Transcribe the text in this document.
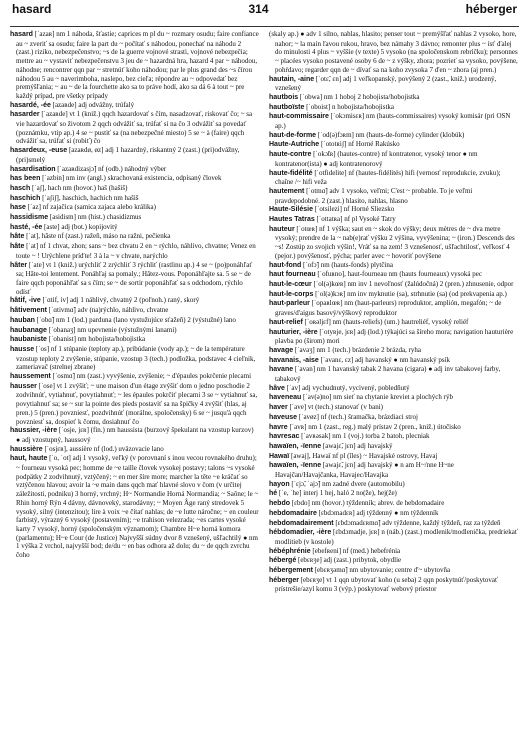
hasard	314	héberger

hasard [ˈazaʀ] nm 1 náhoda, šťastie; caprices m pl du ~ rozmary osudu; faire confiance au ~ zveriť sa osudu; faire la part du ~ počítať s náhodou, ponechať na náhodu 2 (zast.) riziko, nebezpečenstvo; ~s de la guerre vojnové strasti, vojnové nebezpečia; mettre au ~ vystaviť nebezpečenstvu 3 jeu de ~ hazardná hra, hazard 4 par ~ náhodou, náhodne; rencontrer qqn par ~ stretnúť koho náhodou; par le plus grand des ~s čírou náhodou 5 au ~ naverimboha, naslepo, bez cieľa; répondre au ~ odpovedať bez premýšľania; ~ au ~ de la fourchette ako sa to práve hodí, ako sa dá 6 à tout ~ pre každý prípad, pre všetky prípady

hasardé, -ée [azaʀde] adj odvážny, trúfalý

hasarder [ˈazaʀde] vt 1 (kniž.) qqch hazardovať s čím, nasadzovať, riskovať čo; ~ sa vie hazardovať so životom 2 qqch odvážiť sa, trúfať si na čo 3 odvážiť sa povedať (poznámku, vtip ap.) 4 se ~ pustiť sa (na nebezpečné miesto) 5 se ~ à (faire) qqch odvážiť sa, trúfať si (robiť) čo

hasardeux, -euse [azaʀdø, øz] adj 1 hazardný, riskantný 2 (zast.) (pri)odvážny, (pri)smelý

hasardisation [ˈazaʀdizasjɔ̃] nf (odb.) náhodný výber

has been [ˈazbin] nm inv (angl.) skrachovaná existencia, odpísaný človek

hasch [ˈaʃ], hach nm (hovor.) haš (hašiš)

haschich [ˈaʃiʃ], haschich, hachich nm hašiš

hase [ˈaz] nf zajačica (samica zajaca alebo králika)

hassidisme [asidism] nm (hist.) chasidizmus

hasté, -ée [aste] adj (bot.) kopijovitý

hâte [ˈat], hâste nf (zast.) ražeň, máso na ražni, pečienka

hâte [ˈat] nf 1 chvat, zhon; sans ~ bez chvatu 2 en ~ rýchlo, náhlivo, chvatne; Venez en toute ~ ! Urýchlene príďte! 3 à la ~ v chvate, narýchlo

hâter [ˈate] vt 1 (kniž.) urýchliť 2 zrýchliť 3 rýchliť (rastlinu ap.) 4 se ~ (po)ponáhľať sa; Hâte-toi lentement. Ponáhľaj sa pomaly.; Hâtez-vous. Poponáhľajte sa. 5 se ~ de faire qqch poponáhľať sa s čím; se ~ de sortir poponáhľať sa s odchodom, rýchlo odísť

hâtif, -ive [ˈɑtif, iv] adj 1 náhlivý, chvatný 2 (poľnoh.) raný, skorý

hâtivement [ˈɑtivmɑ̃] adv (na)rýchlo, náhlivo, chvatne

hauban [ˈobɑ̃] nm 1 (lod.) parduna (lano vystužujúce sťažeň) 2 (výstužné) lano

haubanage [ˈobanaʒ] nm upevnenie (výstužnými lanami)

haubaniste [ˈobanist] nm hobojista/hobojistka

hausse [ˈos] nf 1 stúpanie (teploty ap.), pribúdanie (vody ap.); ~ de la température vzostup teploty 2 zvýšenie, stúpanie, vzostup 3 (tech.) podložka, podstavec 4 cieľnik, zameriavač (strelnej zbrane)

haussement [ˈosmɑ̃] nm (zast.) vyvýšenie, zvýšenie; ~ d'épaules pokrčenie plecami

hausser [ˈose] vt 1 zvýšiť; ~ une maison d'un étage zvýšiť dom o jedno poschodie 2 zodvihnúť, vytiahnuť, povytiahnuť; ~ les épaules pokrčiť plecami 3 se ~ vytiahnuť sa, povytiahnuť sa; se ~ sur la pointe des pieds postaviť sa na špičky 4 zvýšiť (hlas, aj pren.) 5 (pren.) povzniesť, pozdvihnúť (morálne, spoločensky) 6 se ~ jusqu'à qqch povzniesť sa, dospieť k čomu, dosiahnuť čo

haussier, -ière [ˈosje, jɛʀ] (fin.) nm haussista (burzový špekulant na vzostup kurzov) ● adj vzostupný, haussový

haussière [ˈosjɛʀ], aussière nf (lod.) uväzovacie lano

haut, haute [ˈo, ˈot] adj 1 vysoký, veľký (v porovnaní s inou vecou rovnakého druhu); ~ fourneau vysoká pec; homme de ~e taille človek vysokej postavy; talons ~s vysoké podpätky 2 zodvihnutý, vztýčený; ~ en mer šíre more; marcher la tête ~e kráčať so vztýčenou hlavou; avoir la ~e main dans qqch mať hlavné slovo v čom (v určitej záležitosti, podniku) 3 horný, vrchný; H~ Normandie Horná Normandia; ~ Saône; le ~ Rhin horný Rýn 4 dávny, dávnoveký, starodávny; ~ Moyen Âge raný stredovek 5 vysoký, silný (intenzitou); lire à voix ~e čítať nahlas; de ~e lutte náročne; ~ en couleur farbistý, výrazný 6 vysoký (postavením); ~e trahison velezrada; ~es cartes vysoké karty 7 vysoký, horný (spoločenským významom); Chambre H~e horná komora (parlamentu); H~e Cour (de Justice) Najvyšší súdny dvor 8 vznešený, ušľachtilý ● nm 1 výška 2 vrchol, najvyšší bod; de/du ~ en bas odhora až dolu; du ~ de qqch zvrchu čoho

(skaly ap.) ● adv 1 silno, nahlas, hlasito; penser tout ~ premýšľať nahlas 2 vysoko, hore, nahor; ~ la main ľavou rukou, hravo, bez námahy 3 dávno; remonter plus ~ ísť ďalej do minulosti 4 plus ~ vyššie (v texte) 5 vysoko (na spoločenskom rebríčku); personnes ~ placées vysoko postavené osoby 6 de ~ z výšky, zhora; pozrieť sa vysoko, povýšene, pohŕdavo; regarder qqn de ~ dívať sa na koho zvysoka 7 d'en ~ zhora (aj pren.)

hautain, -aine [ˈotɛ̃, ɛn] adj 1 veľkopanský, povýšený 2 (zast., kniž.) urodzený, vznešený

hautbois [ˈobwa] nm 1 hoboj 2 hobojista/hobojistka

hautboïste [ˈoboist] n hobojista/hobojistka

haut-commissaire [ˈokɔmisɛʀ] nm (hauts-commissaires) vysoký komisár (pri OSN ap.)

haut-de-forme [ˈod(ə)fɔʀm] nm (hauts-de-forme) cylinder (klobúk)

Haute-Autriche [ˈototʀiʃ] nf Horné Rakúsko

haute-contre [ˈokɔ̃tʀ] (hautes-contre) nf kontratenor, vysoký tenor ● nm kontratenor(ista) ● adj kontratenorový

haute-fidélité [ˈotfidelite] nf (hautes-fidélités) hifi (vernosť reprodukcie, zvuku); chaîne /~ hifi veža

hautement [ˈotmɑ̃] adv 1 vysoko, veľmi; C'est ~ probable. To je veľmi pravdepodobné. 2 (zast.) hlasito, nahlas, hlasno

Haute-Silésie [ˈotsilezi] nf Horné Sliezsko

Hautes Tatras [ˈottatʀa] nf pl Vysoké Tatry

hauteur [ˈotœʀ] nf 1 výška; saut en ~ skok do výšky; deux mètres de ~ dva metre vysoký; prendre de la ~ nab(e)rať výšku 2 výšina, vyvýšenina; ~ (iron.) Descends des ~s! Zostúp zo svojich výšin!, Vráť sa na zem! 3 vznešenosť, ušľachtilosť, veľkosť 4 (pejor.) povýšenosť, pýcha; parler avec ~ hovoriť povýšene

haut-fond [ˈofɔ̃] nm (hauts-fonds) plytčina

haut fourneau [ˈofuʀno], haut-fourneau nm (hauts fourneaux) vysoká pec

haut-le-cœur [ˈol(ə)kœʀ] nm inv 1 nevoľnosť (žalúdočná) 2 (pren.) zhnusenie, odpor

haut-le-corps [ˈol(ə)kɔʀ] nm inv myknutie (sa), strhnutie (sa) (od prekvapenia ap.)

haut-parleur [ˈopaʀlœʀ] nm (haut-parleurs) reproduktor, amplión, megafón; ~ de graves/d'aigus basový/výškový reproduktor

haut-relief [ˈoʀəljɛf] nm (hauts-reliefs) (um.) hautreliéf, vysoký reliéf

hauturier, -ière [ˈotyʀje, jɛʀ] adj (lod.) týkajúci sa šíreho mora; navigation hauturière plavba po (širom) mori

havage [ˈavaʒ] nm 1 (tech.) brázdenie 2 brázda, ryha

havanais, -aise [ˈavanɛ, ɛz] adj havanský ● nm havanský psík

havane [ˈavan] nm 1 havanský tabak 2 havana (cigara) ● adj inv tabakovej farby, tabakový

hâve [ˈav] adj vychudnutý, vycivený, pobledňutý

haveneau [ˈav(ə)no] nm sieť na chytanie kreviet a plochých rýb

haver [ˈave] vt (tech.) stanovať (v bani)

haveuse [ˈavøz] nf (tech.) šramačka, brázdiaci stroj

havre [ˈavʀ] nm 1 (zast., reg.) malý prístav 2 (pren., kniž.) útočisko

havresac [ˈavʀəsak] nm 1 (voj.) torba 2 batoh, plecniak

hawaïen, -ïenne [awajɛ̃, jɛn] adj havajský

Hawaï [awaj], Hawaï nf pl (îles) ~ Havajské ostrovy, Havaj

hawaïen, -ïenne [awajɛ̃, jɛn] adj havajský ● n am H~/nne H~ne Havajčan/Havajčanka, Havajec/Havajka

hayon [ˈɛjɔ̃, ˈajɔ̃] nm zadné dvere (automobilu)

hé [ˈe, ˈhe] interj 1 hej, haló 2 no(že), hej(že)

hebdo [ɛbdo] nm (hovor.) týždenník; abrev. de hebdomadaire

hebdomadaire [ɛbdɔmadɛʀ] adj týždenný ● nm týždenník

hebdomadairement [ɛbdɔmadɛʀmɑ̃] adv týždenne, každý týždeň, raz za týždeň

hébdomadier, -ière [ɛbdɔmadje, jɛʀ] n (náb.) (zast.) modlenik/modlenička, predriekať modlitieb (v kostole)

hébéphrénie [ebefʀeni] nf (med.) hebefrénia

hébergé [ebɛʀʒe] adj (zast.) pribytok, obydlie

hébergement [ebɛʀʒəmɑ̃] nm ubytovanie; centre d'~ ubytovňa

héberger [ebɛʀʒe] vt 1 qqn ubytovať koho (u seba) 2 qqn poskytnúť/poskytovať prístrešie/azyl komu 3 (výp.) poskytovať webový priestor
